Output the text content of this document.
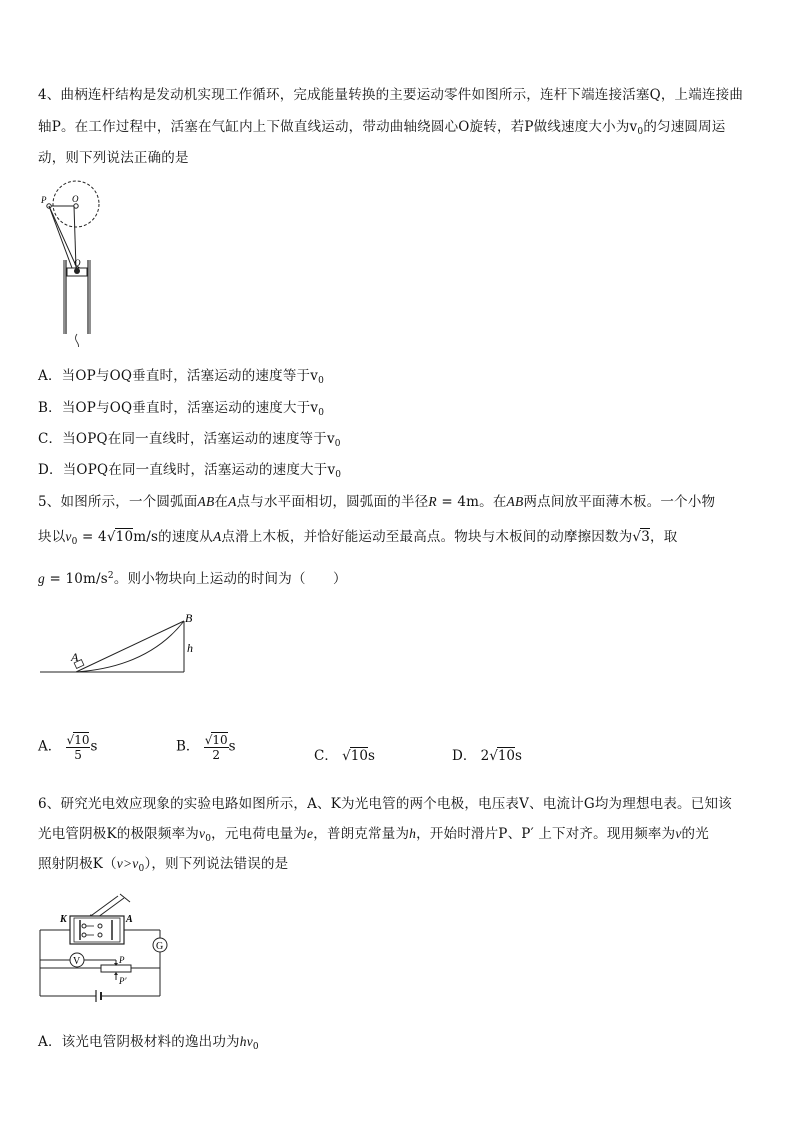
4、曲柄连杆结构是发动机实现工作循环，完成能量转换的主要运动零件如图所示，连杆下端连接活塞Q，上端连接曲
轴P。在工作过程中，活塞在气缸内上下做直线运动，带动曲轴绕圆心O旋转，若P做线速度大小为$v_0$的匀速圆周运
动，则下列说法正确的是
P	O
Q
A．当OP与OQ垂直时，活塞运动的速度等于$v_0$
B．当OP与OQ垂直时，活塞运动的速度大于$v_0$
C．当OPQ在同一直线时，活塞运动的速度等于$v_0$
D．当OPQ在同一直线时，活塞运动的速度大于$v_0$
5、如图所示，一个圆弧面AB在A点与水平面相切，圆弧面的半径R = 4m。在AB两点间放平面薄木板。一个小物
块以$v_0 = 4√10m/s$的速度从A点滑上木板，并恰好能运动至最高点。物块与木板间的动摩擦因数为√3，取
$g = 10m/s^2$。则小物块向上运动的时间为（　　）
A
B
h
A． $\frac{√10}{5}$ s	B． $\frac{√10}{2}$ s
C． √10s	D． 2√10s
6、研究光电效应现象的实验电路如图所示，A、K为光电管的两个电极，电压表V、电流计G均为理想电表。已知该
光电管阴极K的极限频率为$\nu_0$，元电荷电量为e，普朗克常量为h，开始时滑片P、P′ 上下对齐。现用频率为ν的光
照射阴极$K(\nu>\nu_0)$，则下列说法错误的是
K	A
G
V	P
P′
A．该光电管阴极材料的逸出功为$h\nu_0$
